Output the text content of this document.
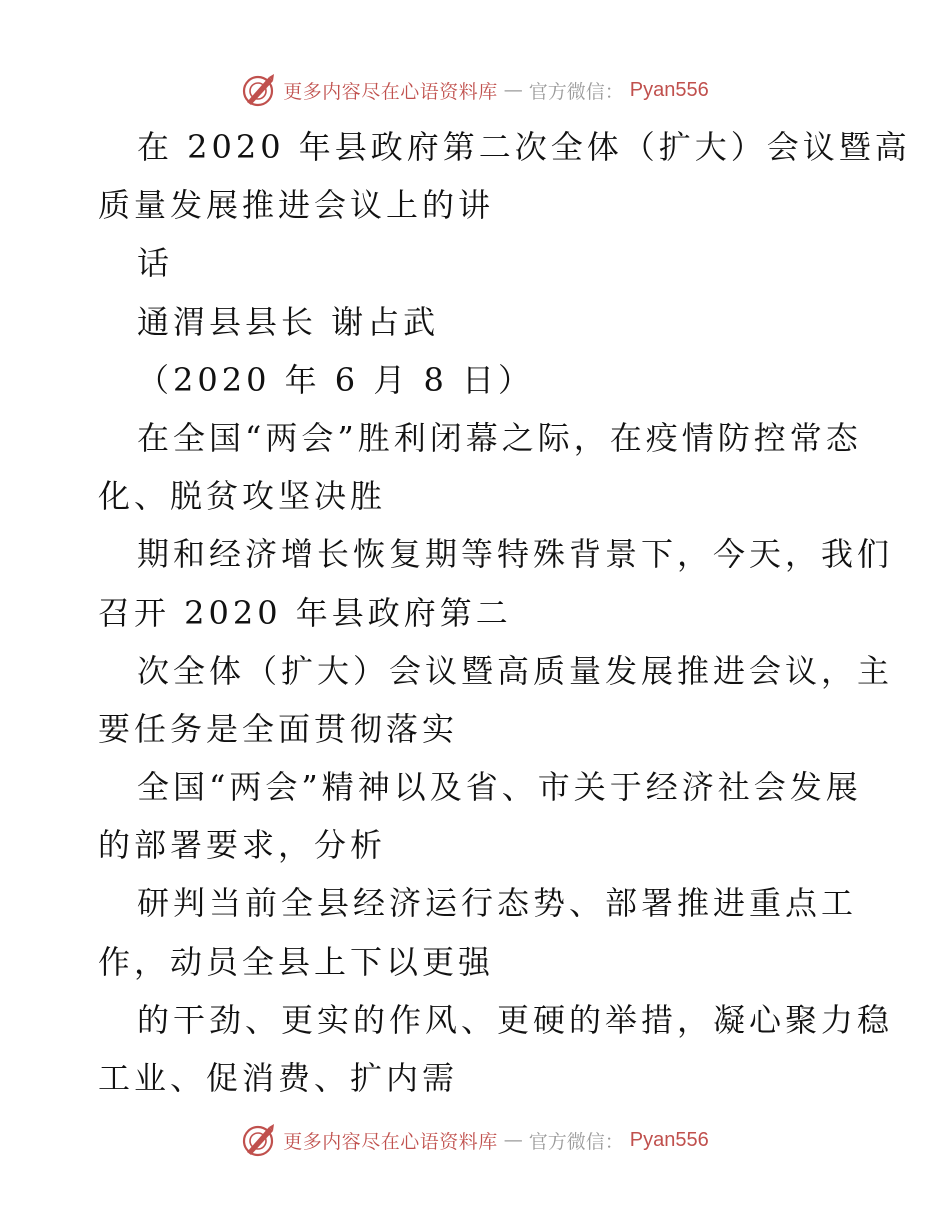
更多内容尽在心语资料库 — 官方微信： Pyan556
在 2020 年县政府第二次全体（扩大）会议暨高
质量发展推进会议上的讲
话
通渭县县长 谢占武
（2020 年 6 月 8 日）
在全国“两会”胜利闭幕之际，在疫情防控常态
化、脱贫攻坚决胜
期和经济增长恢复期等特殊背景下，今天，我们
召开 2020 年县政府第二
次全体（扩大）会议暨高质量发展推进会议，主
要任务是全面贯彻落实
全国“两会”精神以及省、市关于经济社会发展
的部署要求，分析
研判当前全县经济运行态势、部署推进重点工
作，动员全县上下以更强
的干劲、更实的作风、更硬的举措，凝心聚力稳
工业、促消费、扩内需
更多内容尽在心语资料库 — 官方微信： Pyan556
